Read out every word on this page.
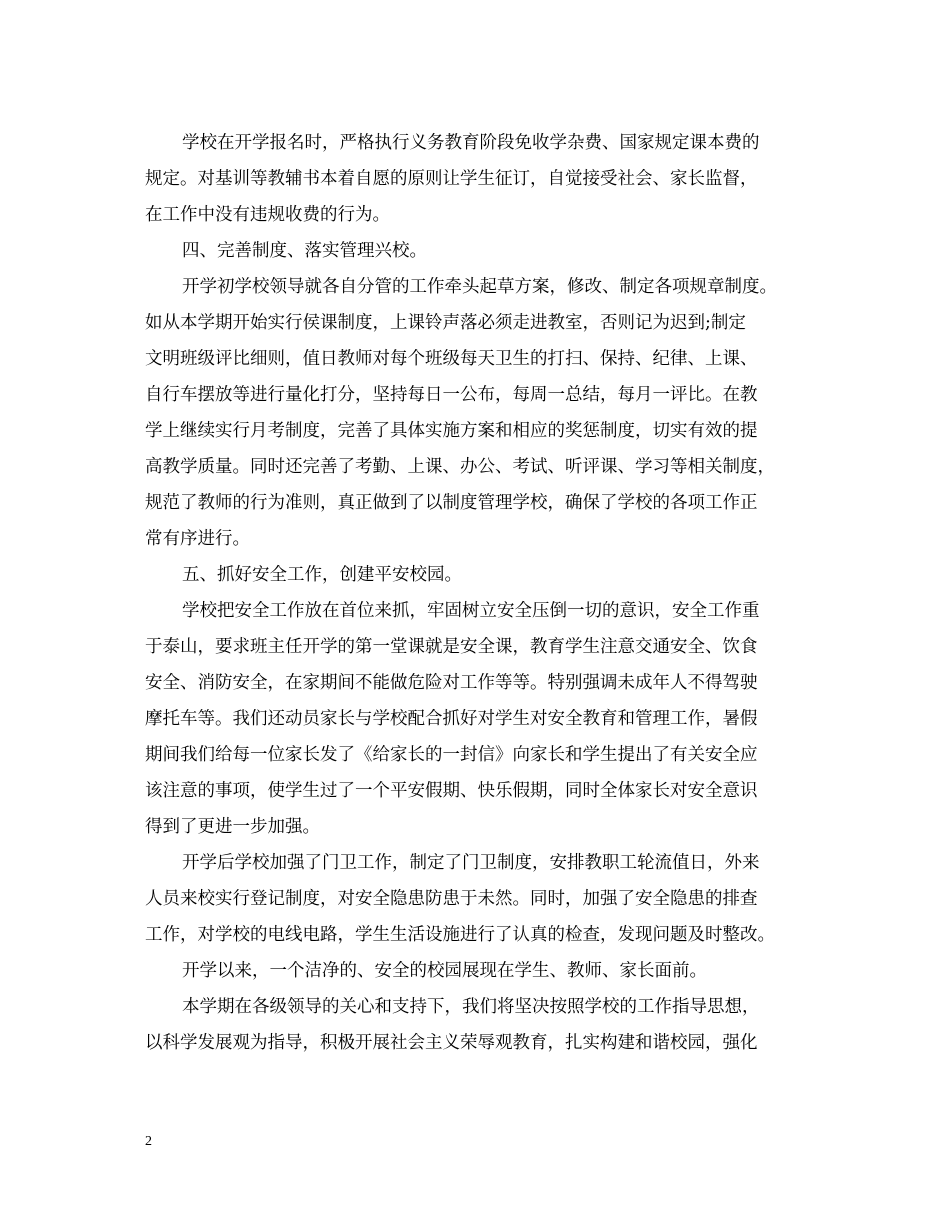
学校在开学报名时，严格执行义务教育阶段免收学杂费、国家规定课本费的
规定。对基训等教辅书本着自愿的原则让学生征订，自觉接受社会、家长监督，
在工作中没有违规收费的行为。
四、完善制度、落实管理兴校。
开学初学校领导就各自分管的工作牵头起草方案，修改、制定各项规章制度。
如从本学期开始实行侯课制度，上课铃声落必须走进教室，否则记为迟到;制定
文明班级评比细则，值日教师对每个班级每天卫生的打扫、保持、纪律、上课、
自行车摆放等进行量化打分，坚持每日一公布，每周一总结，每月一评比。在教
学上继续实行月考制度，完善了具体实施方案和相应的奖惩制度，切实有效的提
高教学质量。同时还完善了考勤、上课、办公、考试、听评课、学习等相关制度，
规范了教师的行为准则，真正做到了以制度管理学校，确保了学校的各项工作正
常有序进行。
五、抓好安全工作，创建平安校园。
学校把安全工作放在首位来抓，牢固树立安全压倒一切的意识，安全工作重
于泰山，要求班主任开学的第一堂课就是安全课，教育学生注意交通安全、饮食
安全、消防安全，在家期间不能做危险对工作等等。特别强调未成年人不得驾驶
摩托车等。我们还动员家长与学校配合抓好对学生对安全教育和管理工作，暑假
期间我们给每一位家长发了《给家长的一封信》向家长和学生提出了有关安全应
该注意的事项，使学生过了一个平安假期、快乐假期，同时全体家长对安全意识
得到了更进一步加强。
开学后学校加强了门卫工作，制定了门卫制度，安排教职工轮流值日，外来
人员来校实行登记制度，对安全隐患防患于未然。同时，加强了安全隐患的排查
工作，对学校的电线电路，学生生活设施进行了认真的检查，发现问题及时整改。
开学以来，一个洁净的、安全的校园展现在学生、教师、家长面前。
本学期在各级领导的关心和支持下，我们将坚决按照学校的工作指导思想，
以科学发展观为指导，积极开展社会主义荣辱观教育，扎实构建和谐校园，强化
2
